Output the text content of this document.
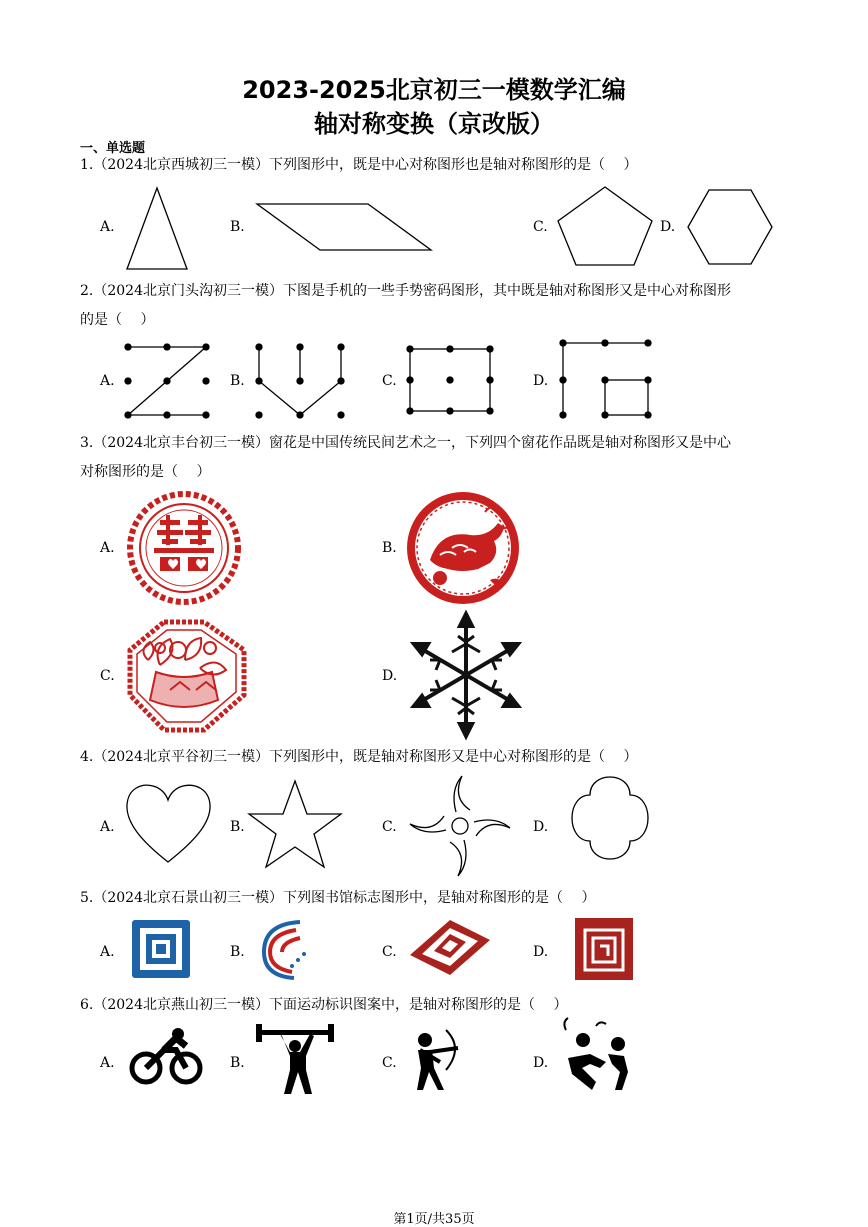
2023-2025北京初三一模数学汇编
轴对称变换（京改版）
一、单选题
1.（2024北京西城初三一模）下列图形中，既是中心对称图形也是轴对称图形的是（　 ）
A.	B.	C.	D.
2.（2024北京门头沟初三一模）下图是手机的一些手势密码图形，其中既是轴对称图形又是中心对称图形
的是（　 ）
A.	B.	C.	D.
3.（2024北京丰台初三一模）窗花是中国传统民间艺术之一，下列四个窗花作品既是轴对称图形又是中心
对称图形的是（　 ）
A.	B.
C.	D.
4.（2024北京平谷初三一模）下列图形中，既是轴对称图形又是中心对称图形的是（　 ）
A.	B.	C.	D.
5.（2024北京石景山初三一模）下列图书馆标志图形中，是轴对称图形的是（　 ）
A.	B.	C.	D.
6.（2024北京燕山初三一模）下面运动标识图案中，是轴对称图形的是（　 ）
A.	B.	C.	D.
第1页/共35页
